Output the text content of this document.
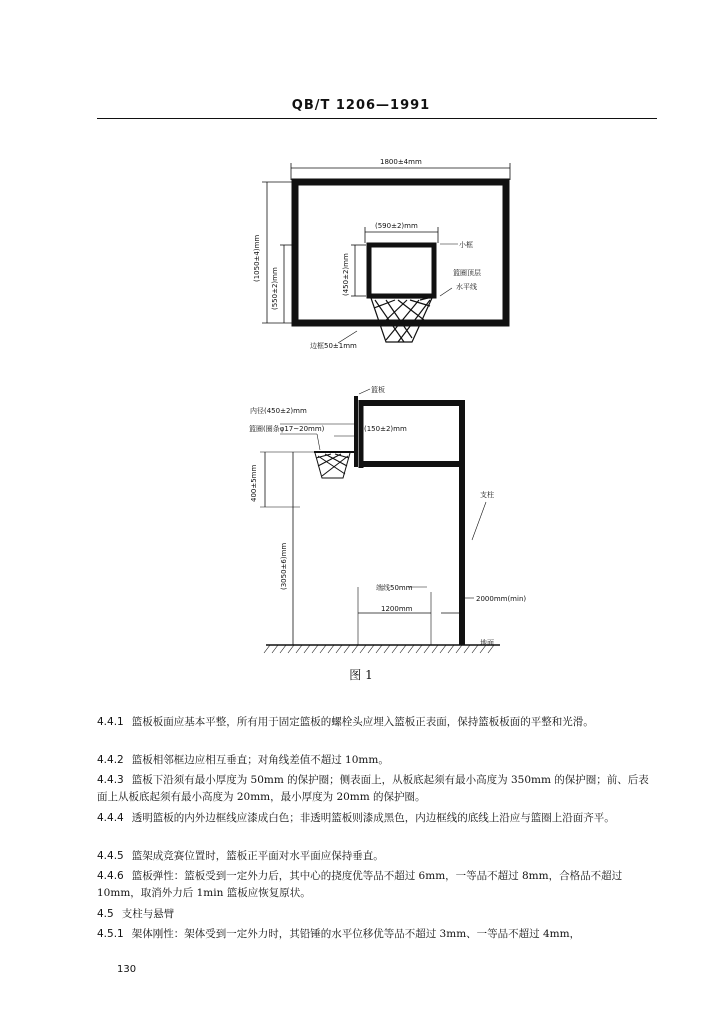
QB/T 1206—1991
1800±4mm
(590±2)mm
(1050±4)mm
(550±2)mm	(450±2)mm
小框
篮圈顶层
水平线
边框50±1mm
篮板
内径(450±2)mm
篮圈(圈条φ17~20mm)	(150±2)mm
400±5mm
(3050±6)mm
支柱
端线50mm
1200mm
2000mm(min)
地面
图 1
4.4.1 篮板板面应基本平整，所有用于固定篮板的螺栓头应埋入篮板正表面，保持篮板板面的平整和光滑。
4.4.2 篮板相邻框边应相互垂直；对角线差值不超过 10mm。
4.4.3 篮板下沿须有最小厚度为 50mm 的保护圈；侧表面上，从板底起须有最小高度为 350mm 的保护圈；前、后表面上从板底起须有最小高度为 20mm，最小厚度为 20mm 的保护圈。
4.4.4 透明篮板的内外边框线应漆成白色；非透明篮板则漆成黑色，内边框线的底线上沿应与篮圈上沿面齐平。
4.4.5 篮架成竞赛位置时，篮板正平面对水平面应保持垂直。
4.4.6 篮板弹性：篮板受到一定外力后，其中心的挠度优等品不超过 6mm，一等品不超过 8mm，合格品不超过 10mm，取消外力后 1min 篮板应恢复原状。
4.5 支柱与悬臂
4.5.1 架体刚性：架体受到一定外力时，其铅锤的水平位移优等品不超过 3mm、一等品不超过 4mm，
130
